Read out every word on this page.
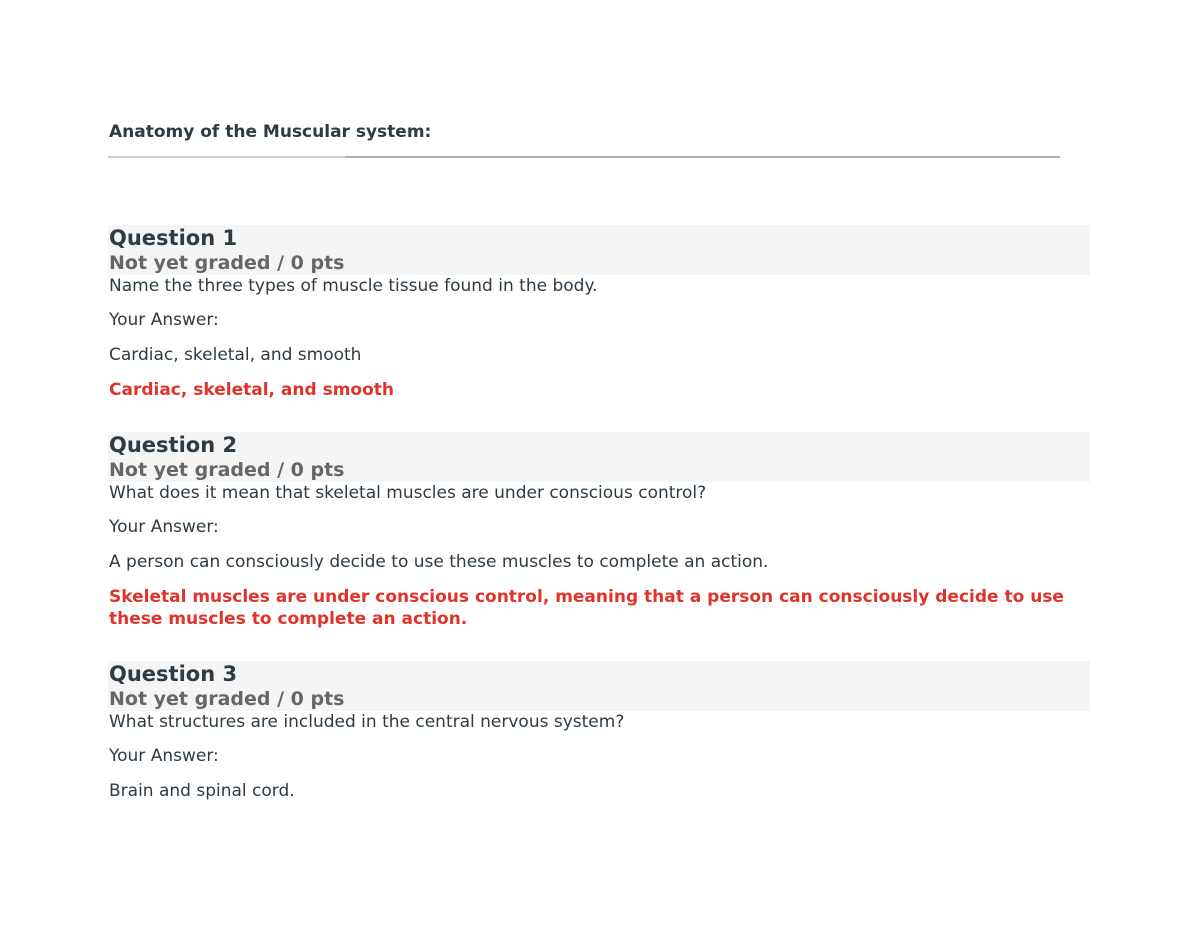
Anatomy of the Muscular system:
Question 1
Not yet graded / 0 pts
Name the three types of muscle tissue found in the body.
Your Answer:
Cardiac, skeletal, and smooth
Cardiac, skeletal, and smooth
Question 2
Not yet graded / 0 pts
What does it mean that skeletal muscles are under conscious control?
Your Answer:
A person can consciously decide to use these muscles to complete an action.
Skeletal muscles are under conscious control, meaning that a person can consciously decide to use these muscles to complete an action.
Question 3
Not yet graded / 0 pts
What structures are included in the central nervous system?
Your Answer:
Brain and spinal cord.
